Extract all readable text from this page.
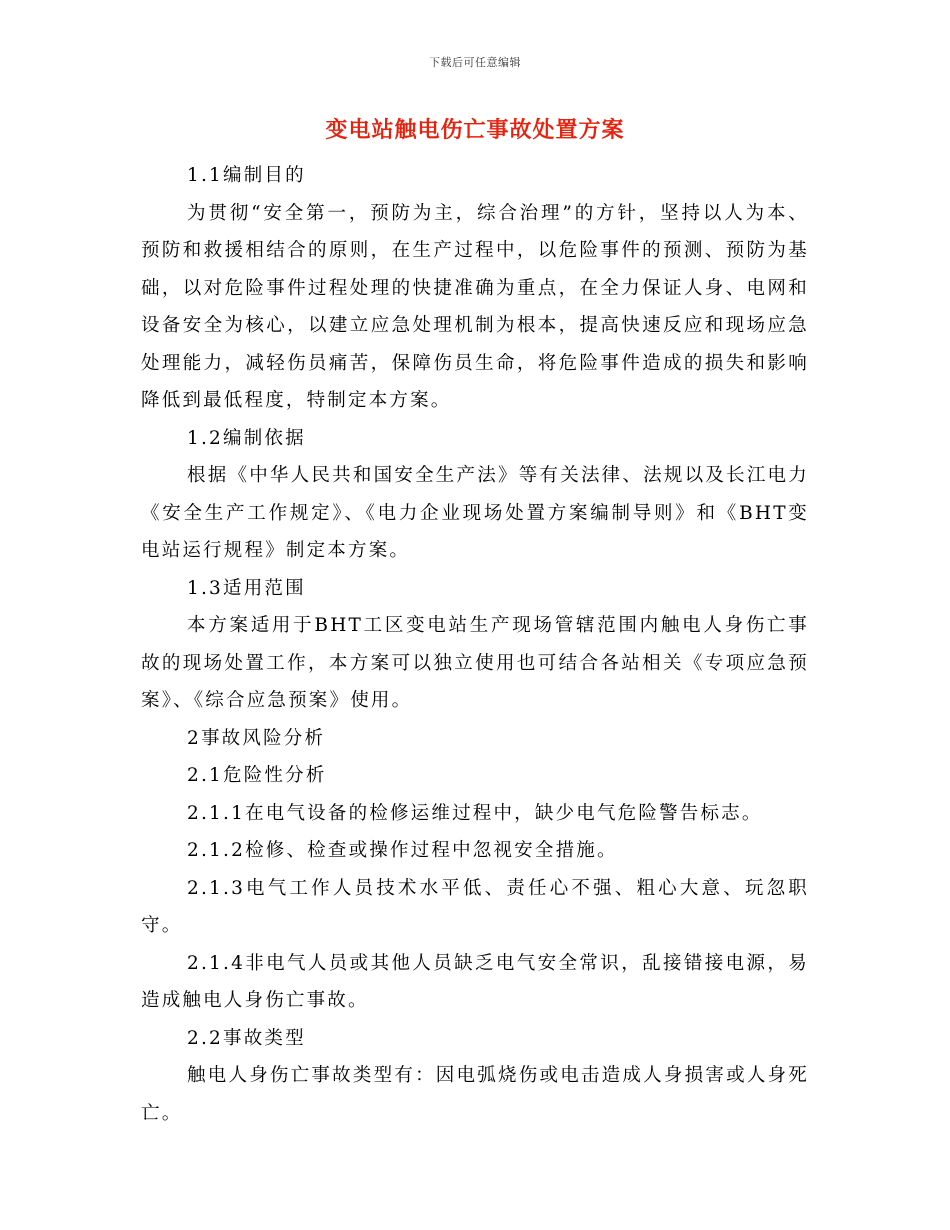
下载后可任意编辑
变电站触电伤亡事故处置方案

1.1编制目的

为贯彻“安全第一，预防为主，综合治理”的方针，坚持以人为本、预防和救援相结合的原则，在生产过程中，以危险事件的预测、预防为基础，以对危险事件过程处理的快捷准确为重点，在全力保证人身、电网和设备安全为核心，以建立应急处理机制为根本，提高快速反应和现场应急处理能力，减轻伤员痛苦，保障伤员生命，将危险事件造成的损失和影响降低到最低程度，特制定本方案。

1.2编制依据

根据《中华人民共和国安全生产法》等有关法律、法规以及长江电力《安全生产工作规定》、《电力企业现场处置方案编制导则》和《BHT变电站运行规程》制定本方案。

1.3适用范围

本方案适用于BHT工区变电站生产现场管辖范围内触电人身伤亡事故的现场处置工作，本方案可以独立使用也可结合各站相关《专项应急预案》、《综合应急预案》使用。

2事故风险分析

2.1危险性分析

2.1.1在电气设备的检修运维过程中，缺少电气危险警告标志。

2.1.2检修、检查或操作过程中忽视安全措施。

2.1.3电气工作人员技术水平低、责任心不强、粗心大意、玩忽职守。

2.1.4非电气人员或其他人员缺乏电气安全常识，乱接错接电源，易造成触电人身伤亡事故。

2.2事故类型

触电人身伤亡事故类型有：因电弧烧伤或电击造成人身损害或人身死亡。
